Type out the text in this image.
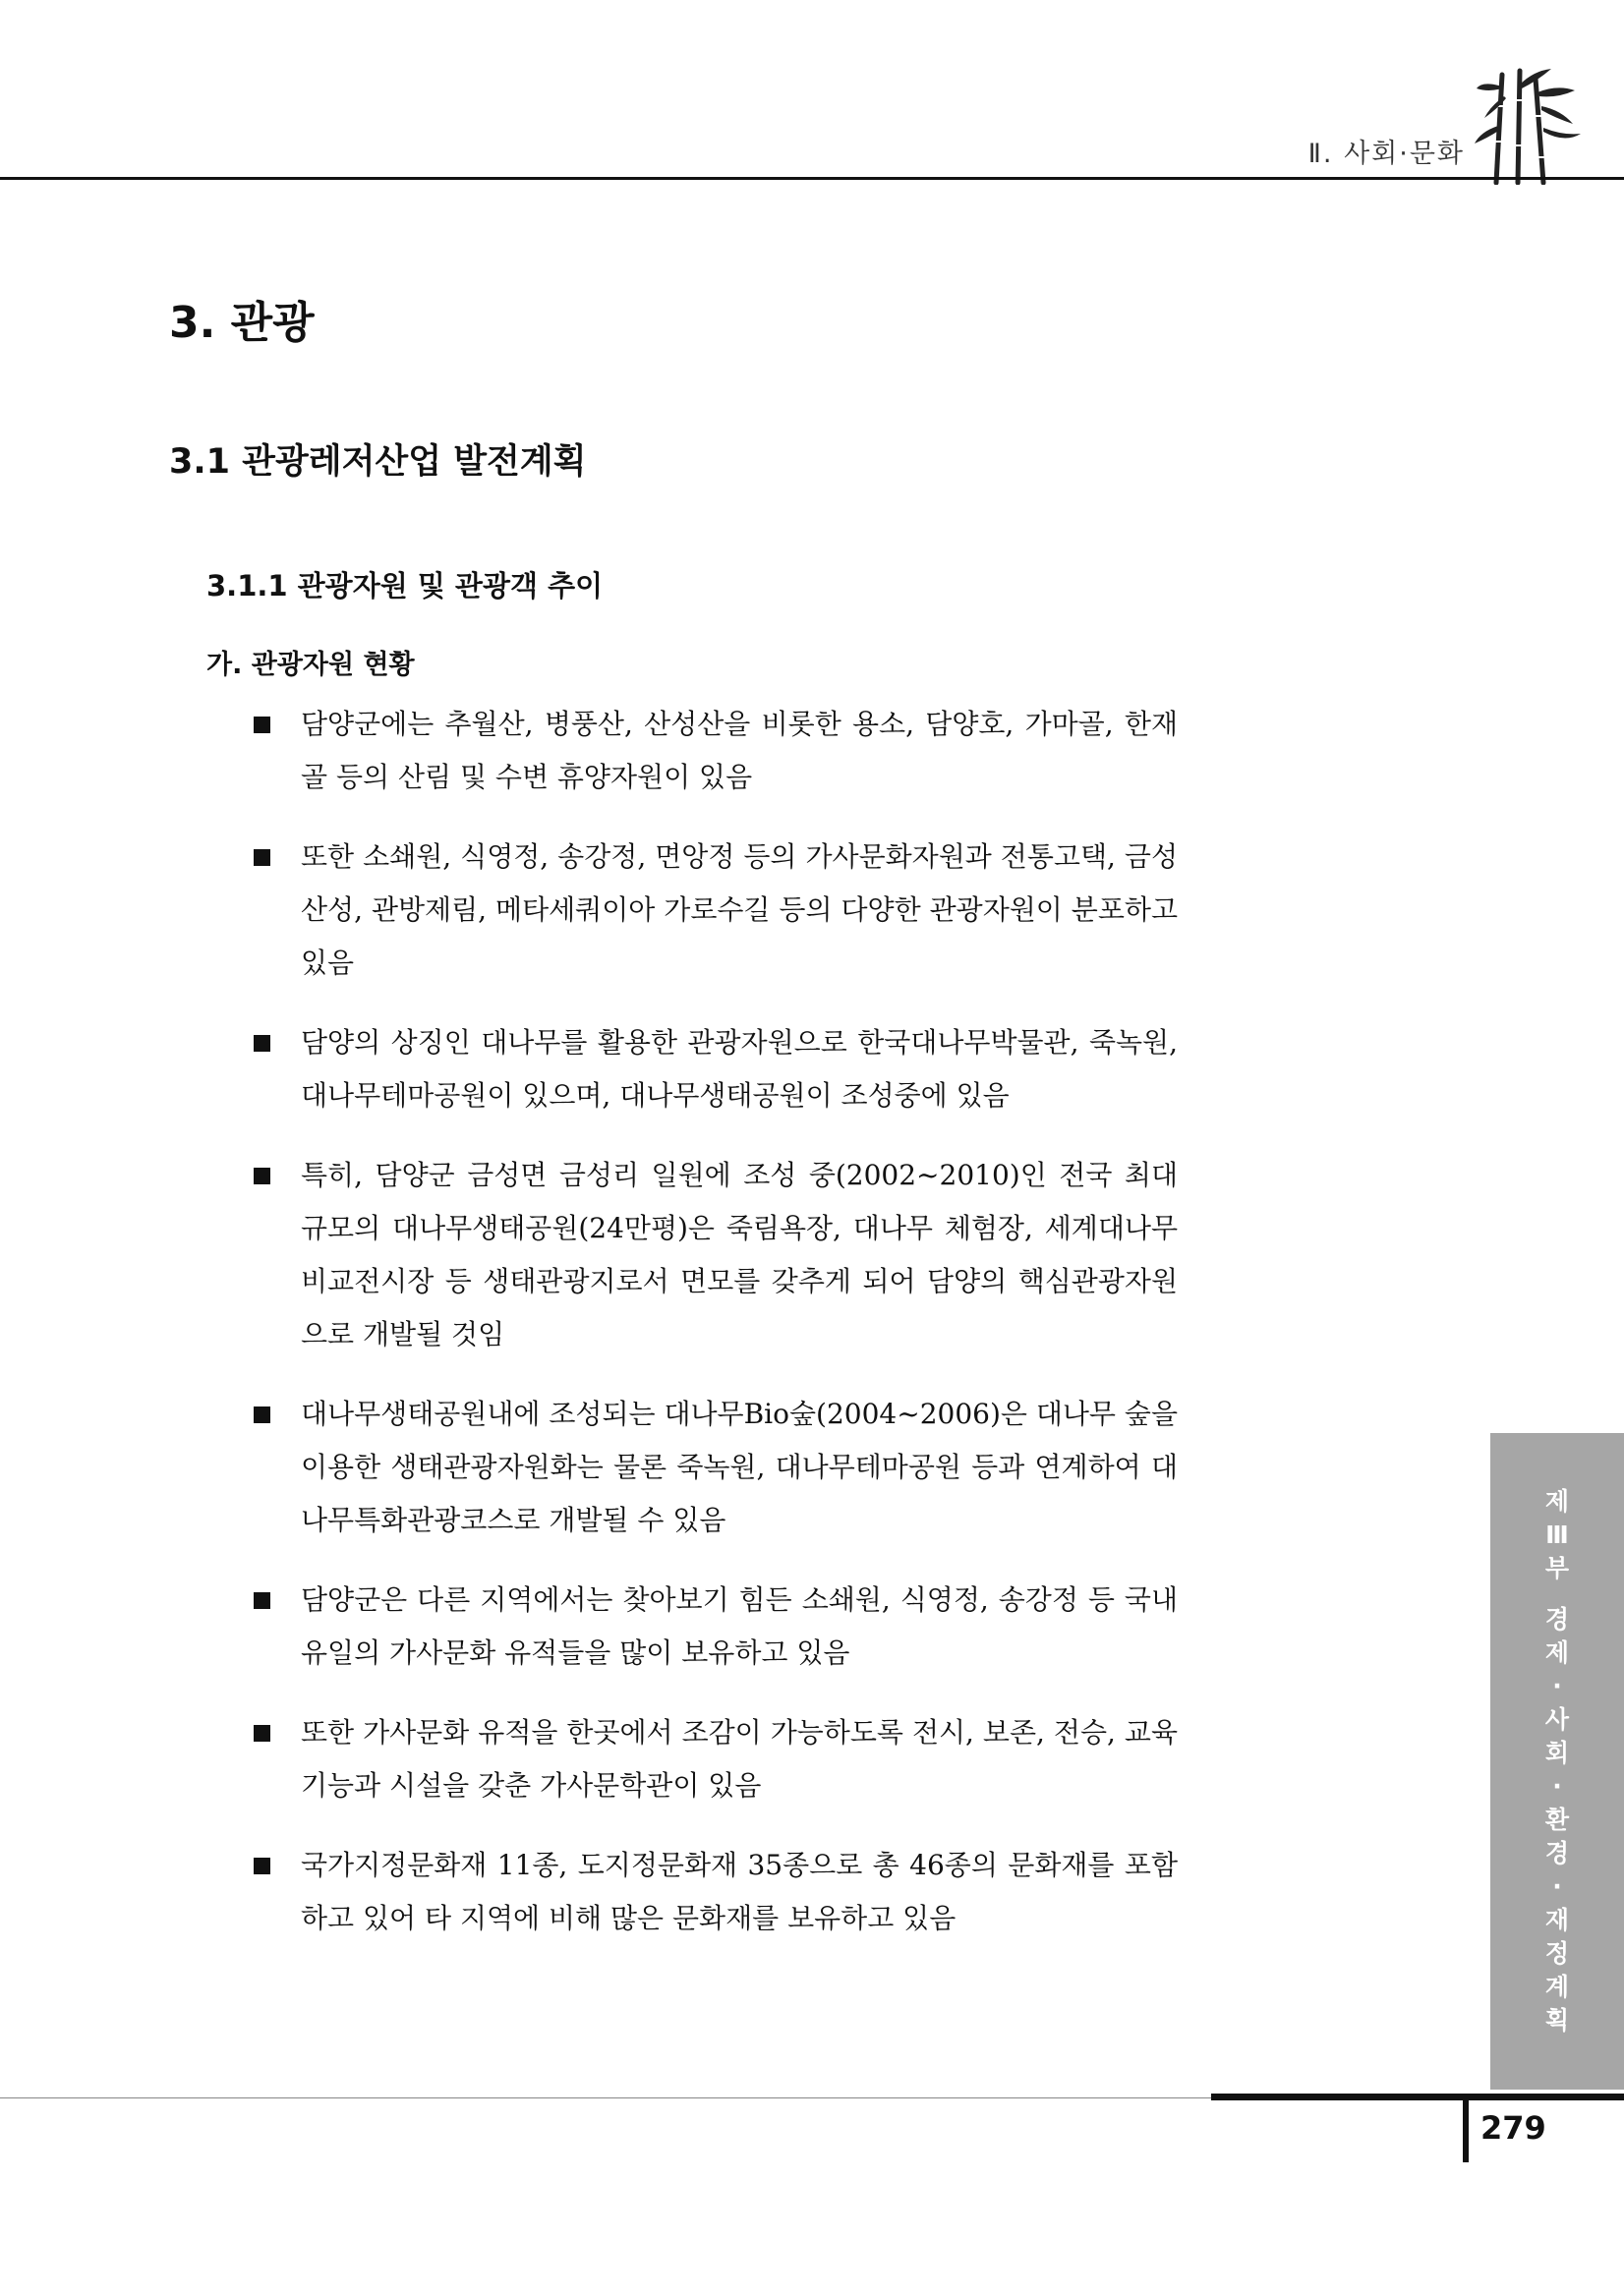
Ⅱ. 사회·문화
3. 관광
3.1 관광레저산업 발전계획
3.1.1 관광자원 및 관광객 추이
가. 관광자원 현황
담양군에는 추월산, 병풍산, 산성산을 비롯한 용소, 담양호, 가마골, 한재골 등의 산림 및 수변 휴양자원이 있음
또한 소쇄원, 식영정, 송강정, 면앙정 등의 가사문화자원과 전통고택, 금성산성, 관방제림, 메타세쿼이아 가로수길 등의 다양한 관광자원이 분포하고 있음
담양의 상징인 대나무를 활용한 관광자원으로 한국대나무박물관, 죽녹원, 대나무테마공원이 있으며, 대나무생태공원이 조성중에 있음
특히, 담양군 금성면 금성리 일원에 조성 중(2002~2010)인 전국 최대 규모의 대나무생태공원(24만평)은 죽림욕장, 대나무 체험장, 세계대나무비교전시장 등 생태관광지로서 면모를 갖추게 되어 담양의 핵심관광자원으로 개발될 것임
대나무생태공원내에 조성되는 대나무Bio숲(2004~2006)은 대나무 숲을 이용한 생태관광자원화는 물론 죽녹원, 대나무테마공원 등과 연계하여 대나무특화관광코스로 개발될 수 있음
담양군은 다른 지역에서는 찾아보기 힘든 소쇄원, 식영정, 송강정 등 국내 유일의 가사문화 유적들을 많이 보유하고 있음
또한 가사문화 유적을 한곳에서 조감이 가능하도록 전시, 보존, 전승, 교육기능과 시설을 갖춘 가사문학관이 있음
국가지정문화재 11종, 도지정문화재 35종으로 총 46종의 문화재를 포함하고 있어 타 지역에 비해 많은 문화재를 보유하고 있음
제
Ⅲ
부
경
제
·
사
회
·
환
경
·
재
정
계
획
279
